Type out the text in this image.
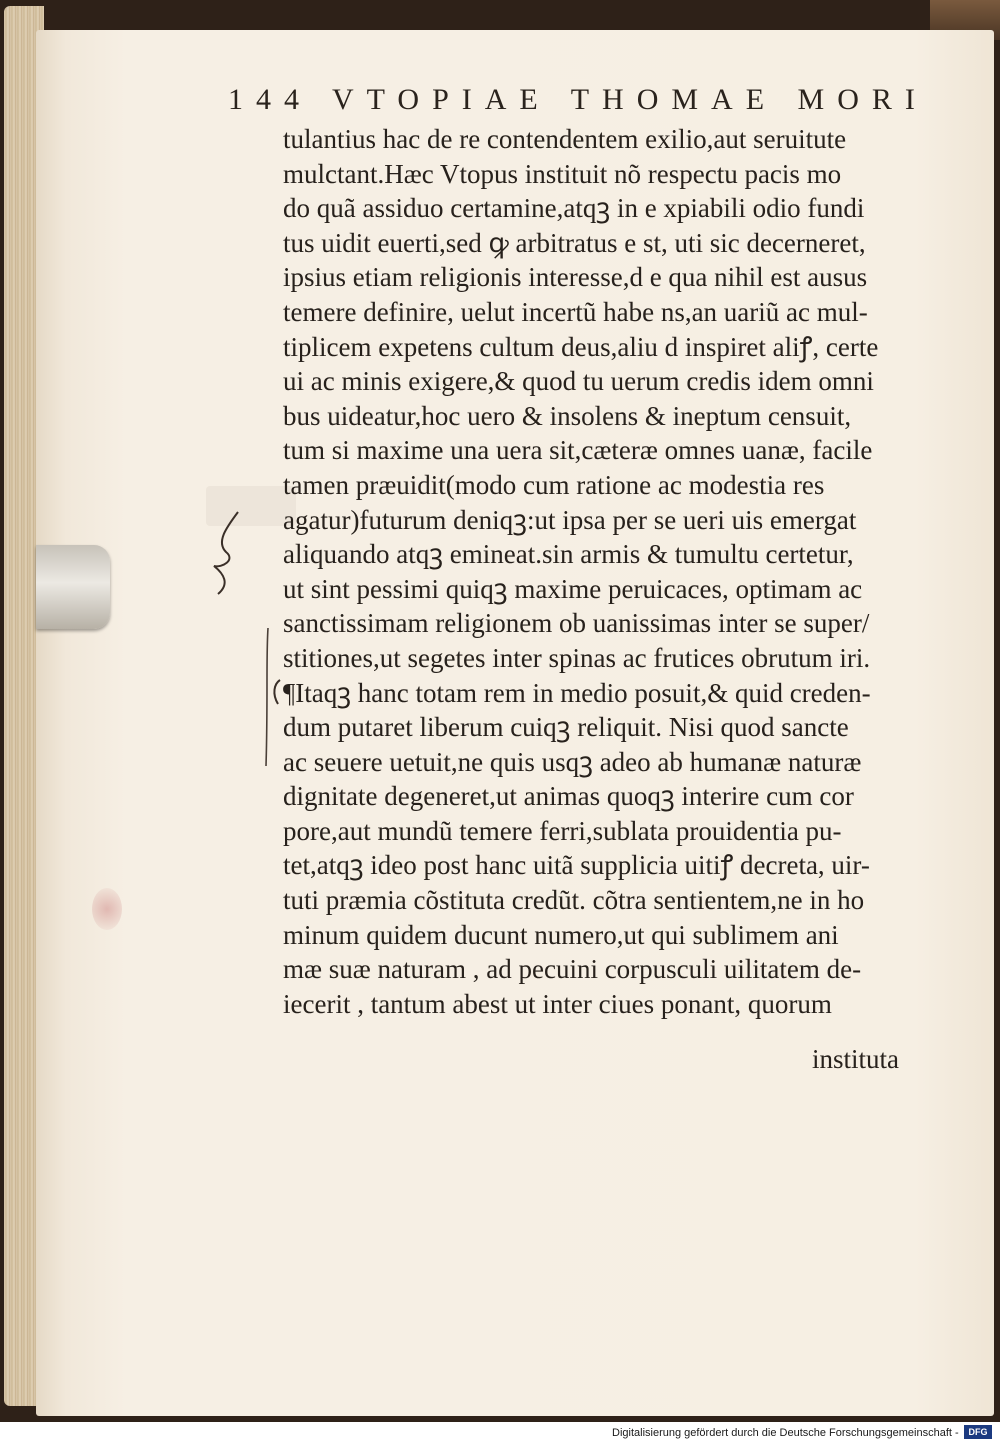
144 VTOPIAE THOMAE MORI
tulantius hac de re contendentem exilio,aut seruitute
mulctant.Hæc Vtopus instituit nõ respectu pacis mo
do quã assiduo certamine,atqꝫ in e xpiabili odio fundi
tus uidit euerti,sed ꝙ arbitratus e st, uti sic decerneret,
ipsius etiam religionis interesse,d e qua nihil est ausus
temere definire, uelut incertũ habe ns,an uariũ ac mul-
tiplicem expetens cultum deus,aliu d inspiret aliꝭ, certe
ui ac minis exigere,& quod tu uerum credis idem omni
bus uideatur,hoc uero & insolens & ineptum censuit,
tum si maxime una uera sit,cæteræ omnes uanæ, facile
tamen præuidit(modo cum ratione ac modestia res
agatur)futurum deniqꝫ:ut ipsa per se ueri uis emergat
aliquando atqꝫ emineat.sin armis & tumultu certetur,
ut sint pessimi quiqꝫ maxime peruicaces, optimam ac
sanctissimam religionem ob uanissimas inter se super/
stitiones,ut segetes inter spinas ac frutices obrutum iri.
¶Itaqꝫ hanc totam rem in medio posuit,& quid creden-
dum putaret liberum cuiqꝫ reliquit. Nisi quod sancte
ac seuere uetuit,ne quis usqꝫ adeo ab humanæ naturæ
dignitate degeneret,ut animas quoqꝫ interire cum cor
pore,aut mundũ temere ferri,sublata prouidentia pu-
tet,atqꝫ ideo post hanc uitã supplicia uitiꝭ decreta, uir-
tuti præmia cõstituta credũt. cõtra sentientem,ne in ho
minum quidem ducunt numero,ut qui sublimem ani
mæ suæ naturam , ad pecuini corpusculi uilitatem de-
iecerit , tantum abest ut inter ciues ponant, quorum
instituta
Digitalisierung gefördert durch die Deutsche Forschungsgemeinschaft -	DFG
